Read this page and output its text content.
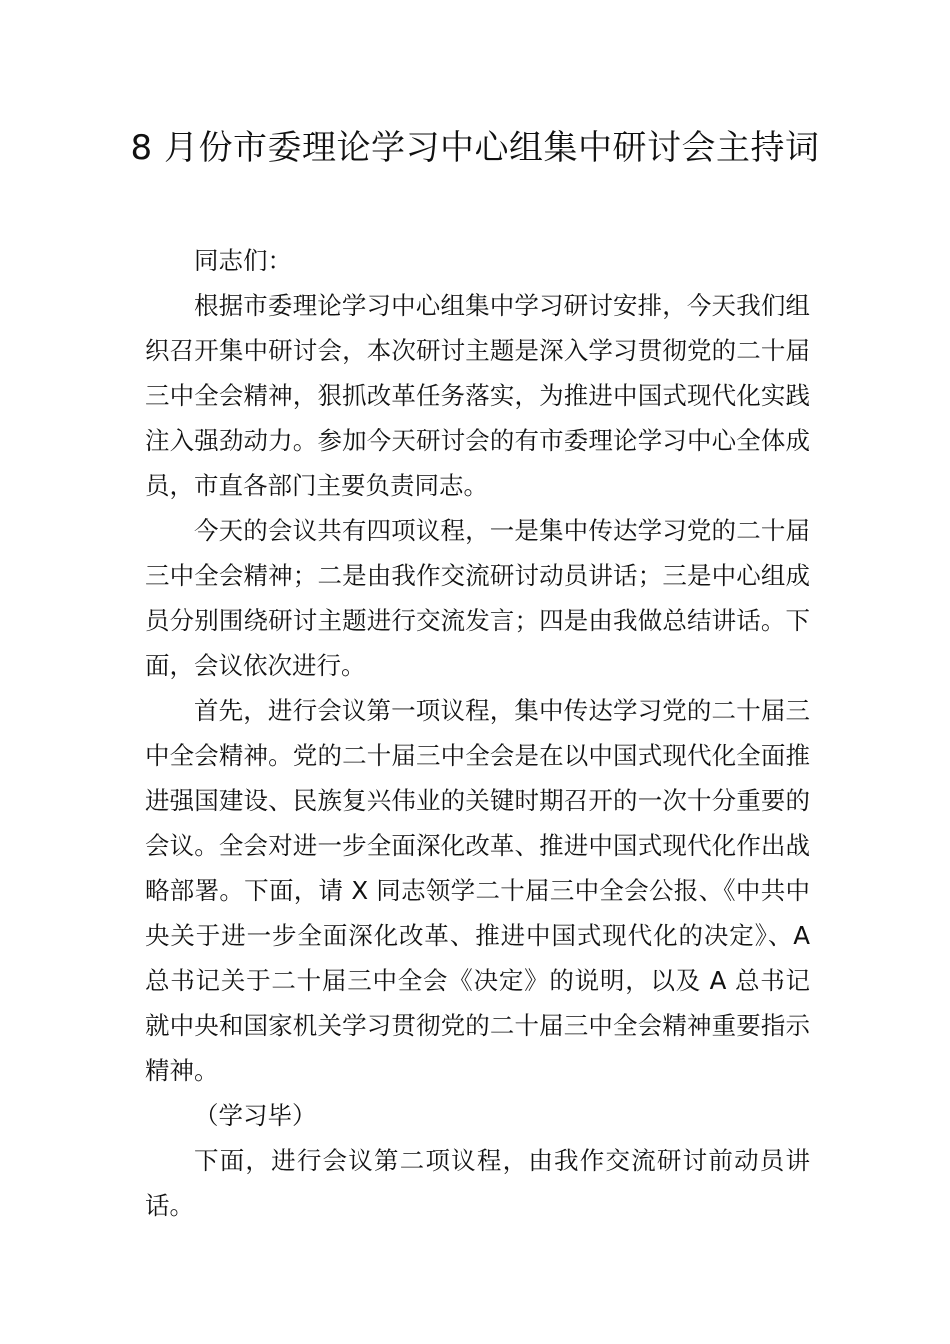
8 月份市委理论学习中心组集中研讨会主持词

同志们：

根据市委理论学习中心组集中学习研讨安排，今天我们组织召开集中研讨会，本次研讨主题是深入学习贯彻党的二十届三中全会精神，狠抓改革任务落实，为推进中国式现代化实践注入强劲动力。参加今天研讨会的有市委理论学习中心全体成员，市直各部门主要负责同志。

今天的会议共有四项议程，一是集中传达学习党的二十届三中全会精神；二是由我作交流研讨动员讲话；三是中心组成员分别围绕研讨主题进行交流发言；四是由我做总结讲话。下面，会议依次进行。

首先，进行会议第一项议程，集中传达学习党的二十届三中全会精神。党的二十届三中全会是在以中国式现代化全面推进强国建设、民族复兴伟业的关键时期召开的一次十分重要的会议。全会对进一步全面深化改革、推进中国式现代化作出战略部署。下面，请 X 同志领学二十届三中全会公报、《中共中央关于进一步全面深化改革、推进中国式现代化的决定》、A 总书记关于二十届三中全会《决定》的说明，以及 A 总书记就中央和国家机关学习贯彻党的二十届三中全会精神重要指示精神。

（学习毕）

下面，进行会议第二项议程，由我作交流研讨前动员讲话。
